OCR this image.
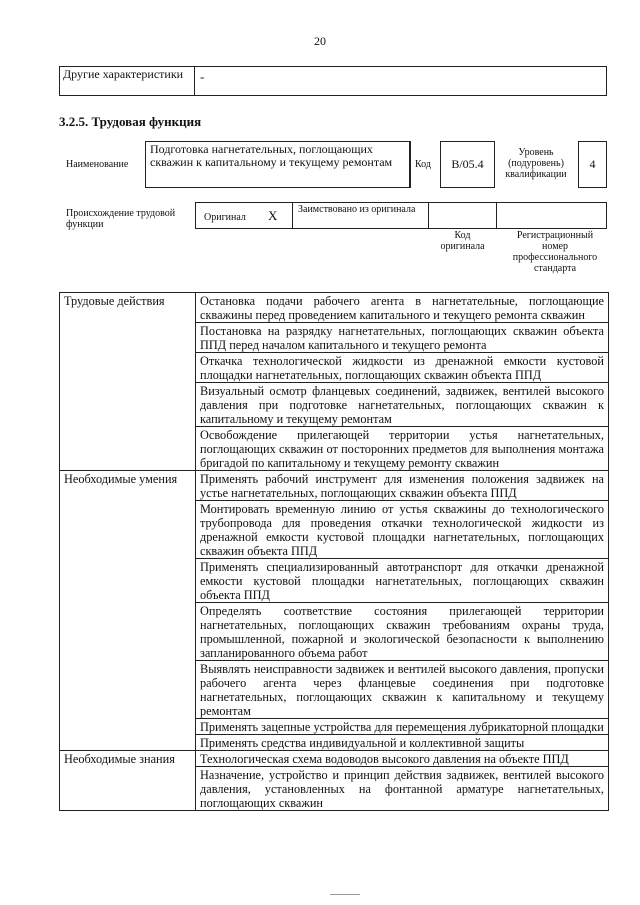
20
Другие характеристики	-
3.2.5. Трудовая функция
Наименование
Подготовка нагнетательных, поглощающих скважин к капитальному и текущему ремонтам	Код	B/05.4
Уровень (подуровень) квалификации
4
Происхождение трудовой функции
Оригинал X Заимствовано из оригинала
Код оригинала
Регистрационный номер профессионального стандарта
Трудовые действия	Остановка подачи рабочего агента в нагнетательные, поглощающие скважины перед проведением капитального и текущего ремонта скважин
	Постановка на разрядку нагнетательных, поглощающих скважин объекта ППД перед началом капитального и текущего ремонта
	Откачка технологической жидкости из дренажной емкости кустовой площадки нагнетательных, поглощающих скважин объекта ППД
	Визуальный осмотр фланцевых соединений, задвижек, вентилей высокого давления при подготовке нагнетательных, поглощающих скважин к капитальному и текущему ремонтам
	Освобождение прилегающей территории устья нагнетательных, поглощающих скважин от посторонних предметов для выполнения монтажа бригадой по капитальному и текущему ремонту скважин
Необходимые умения	Применять рабочий инструмент для изменения положения задвижек на устье нагнетательных, поглощающих скважин объекта ППД
	Монтировать временную линию от устья скважины до технологического трубопровода для проведения откачки технологической жидкости из дренажной емкости кустовой площадки нагнетательных, поглощающих скважин объекта ППД
	Применять специализированный автотранспорт для откачки дренажной емкости кустовой площадки нагнетательных, поглощающих скважин объекта ППД
	Определять соответствие состояния прилегающей территории нагнетательных, поглощающих скважин требованиям охраны труда, промышленной, пожарной и экологической безопасности к выполнению запланированного объема работ
	Выявлять неисправности задвижек и вентилей высокого давления, пропуски рабочего агента через фланцевые соединения при подготовке нагнетательных, поглощающих скважин к капитальному и текущему ремонтам
	Применять зацепные устройства для перемещения лубрикаторной площадки
	Применять средства индивидуальной и коллективной защиты
Необходимые знания	Технологическая схема водоводов высокого давления на объекте ППД
	Назначение, устройство и принцип действия задвижек, вентилей высокого давления, установленных на фонтанной арматуре нагнетательных, поглощающих скважин
